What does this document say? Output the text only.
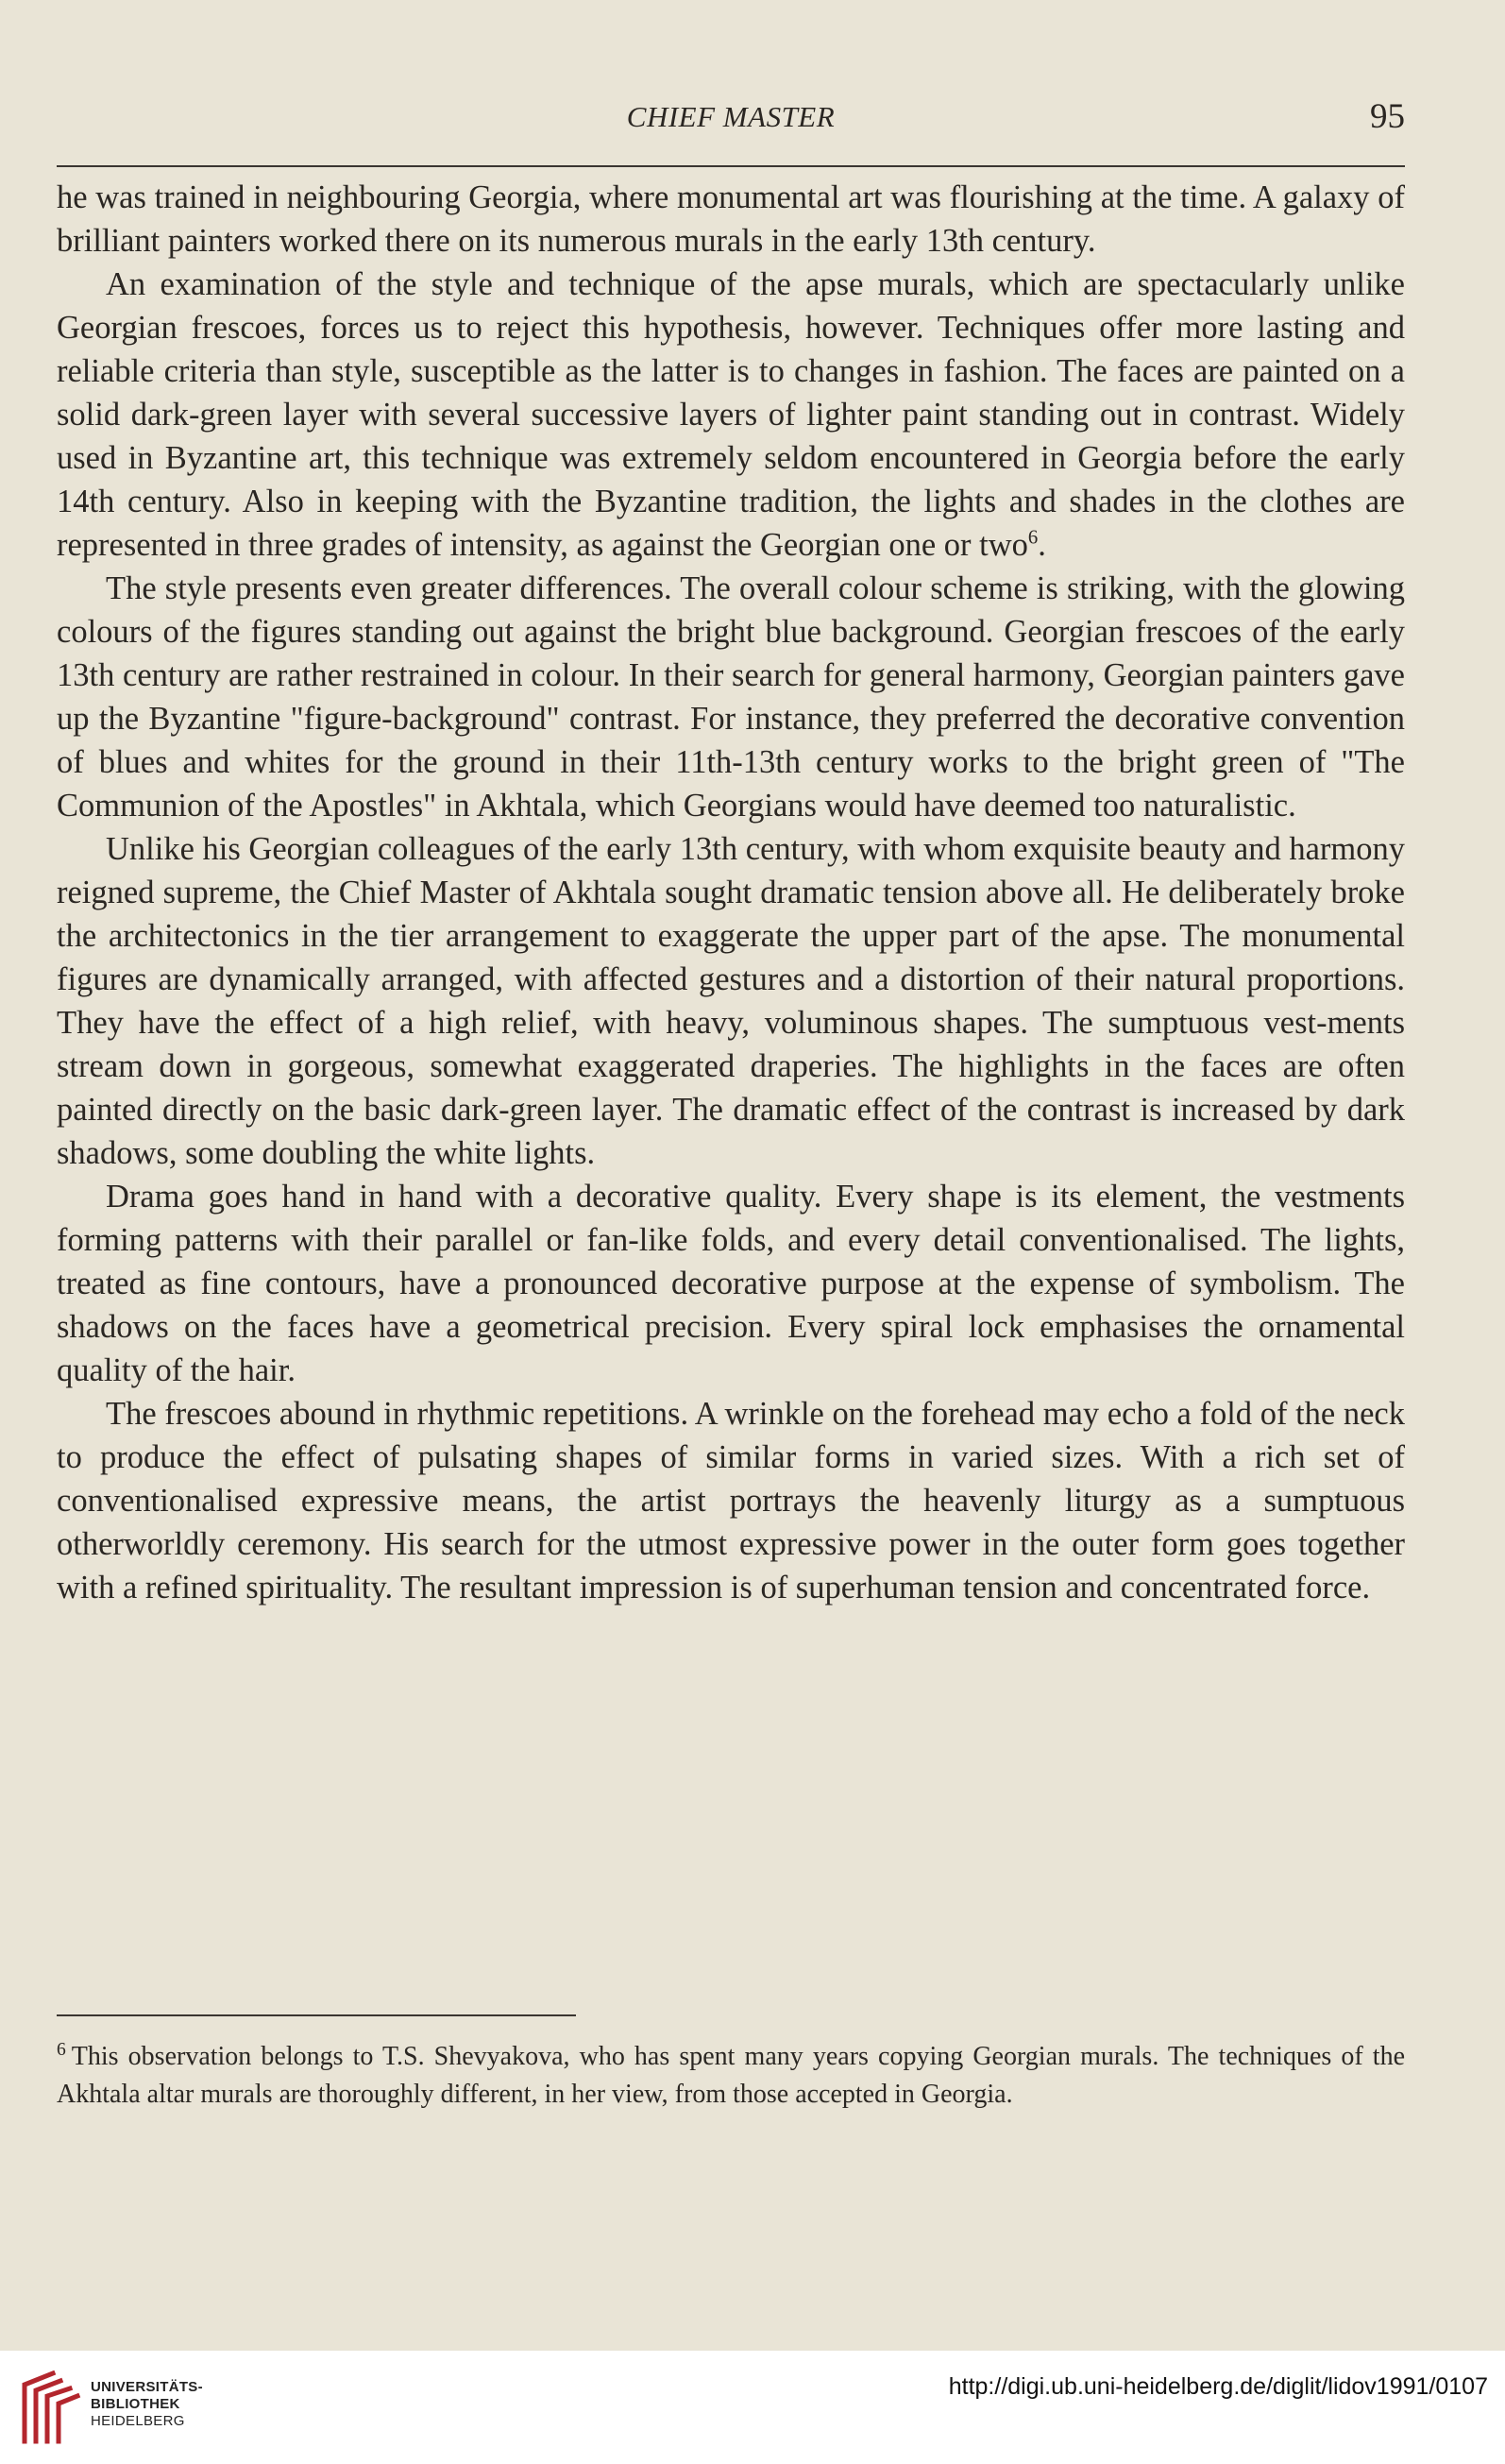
CHIEF MASTER	95

he was trained in neighbouring Georgia, where monumental art was flourishing at the time. A galaxy of brilliant painters worked there on its numerous murals in the early 13th century.

An examination of the style and technique of the apse murals, which are spectacularly unlike Georgian frescoes, forces us to reject this hypothesis, however. Techniques offer more lasting and reliable criteria than style, susceptible as the latter is to changes in fashion. The faces are painted on a solid dark-green layer with several successive layers of lighter paint standing out in contrast. Widely used in Byzantine art, this technique was extremely seldom encountered in Georgia before the early 14th century. Also in keeping with the Byzantine tradition, the lights and shades in the clothes are represented in three grades of intensity, as against the Georgian one or two$^6$.

The style presents even greater differences. The overall colour scheme is striking, with the glowing colours of the figures standing out against the bright blue background. Georgian frescoes of the early 13th century are rather restrained in colour. In their search for general harmony, Georgian painters gave up the Byzantine "figure-background" contrast. For instance, they preferred the decorative convention of blues and whites for the ground in their 11th-13th century works to the bright green of "The Communion of the Apostles" in Akhtala, which Georgians would have deemed too naturalistic.

Unlike his Georgian colleagues of the early 13th century, with whom exquisite beauty and harmony reigned supreme, the Chief Master of Akhtala sought dramatic tension above all. He deliberately broke the architectonics in the tier arrangement to exaggerate the upper part of the apse. The monumental figures are dynamically arranged, with affected gestures and a distortion of their natural proportions. They have the effect of a high relief, with heavy, voluminous shapes. The sumptuous vest-ments stream down in gorgeous, somewhat exaggerated draperies. The highlights in the faces are often painted directly on the basic dark-green layer. The dramatic effect of the contrast is increased by dark shadows, some doubling the white lights.

Drama goes hand in hand with a decorative quality. Every shape is its element, the vestments forming patterns with their parallel or fan-like folds, and every detail conventionalised. The lights, treated as fine contours, have a pronounced decorative purpose at the expense of symbolism. The shadows on the faces have a geometrical precision. Every spiral lock emphasises the ornamental quality of the hair.

The frescoes abound in rhythmic repetitions. A wrinkle on the forehead may echo a fold of the neck to produce the effect of pulsating shapes of similar forms in varied sizes. With a rich set of conventionalised expressive means, the artist portrays the heavenly liturgy as a sumptuous otherworldly ceremony. His search for the utmost expressive power in the outer form goes together with a refined spirituality. The resultant impression is of superhuman tension and concentrated force.

$^6$ This observation belongs to T.S. Shevyakova, who has spent many years copying Georgian murals. The techniques of the Akhtala altar murals are thoroughly different, in her view, from those accepted in Georgia.

UNIVERSITÄTS-
BIBLIOTHEK
HEIDELBERG
http://digi.ub.uni-heidelberg.de/diglit/lidov1991/0107
